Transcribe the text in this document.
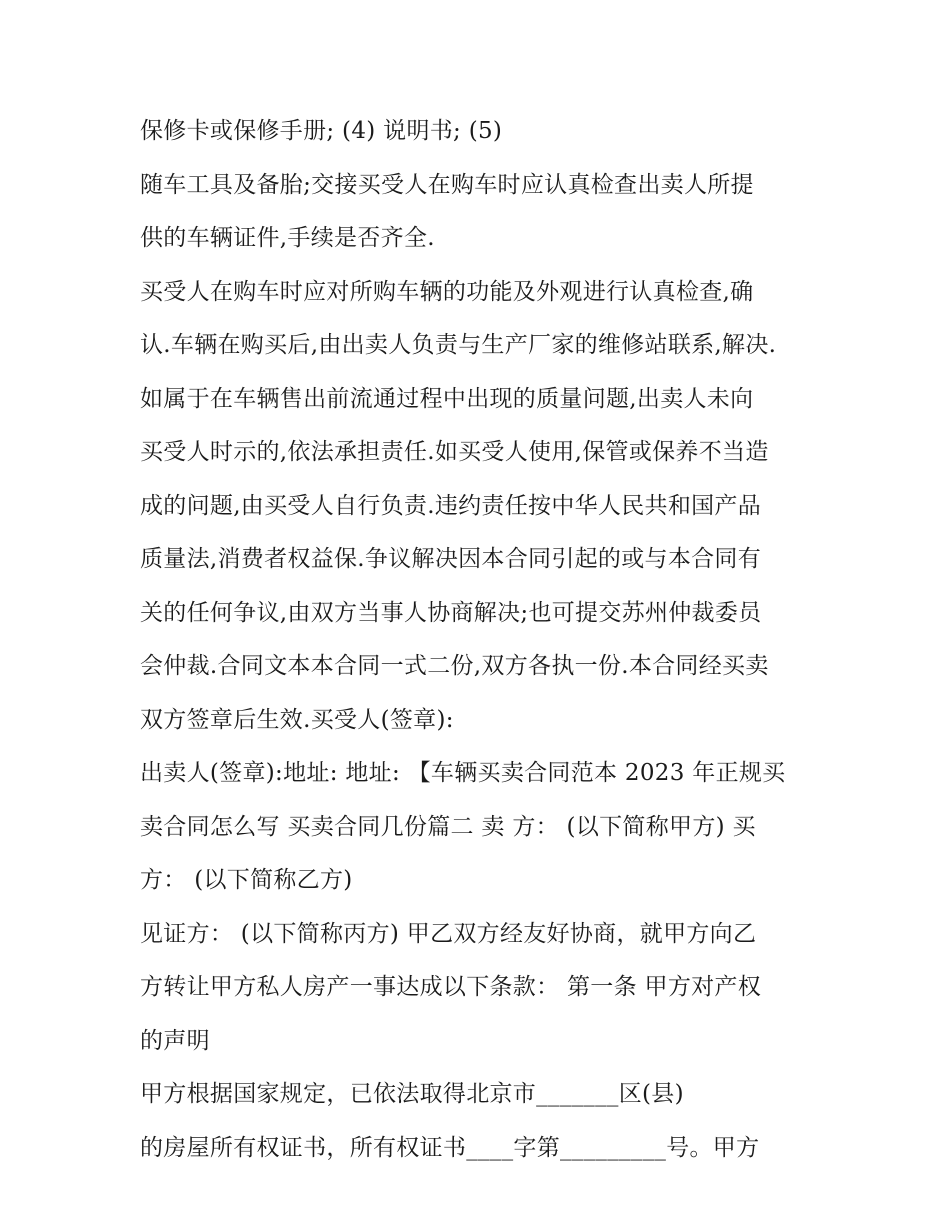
保修卡或保修手册; (4) 说明书; (5)
随车工具及备胎;交接买受人在购车时应认真检查出卖人所提
供的车辆证件,手续是否齐全.
买受人在购车时应对所购车辆的功能及外观进行认真检查,确
认.车辆在购买后,由出卖人负责与生产厂家的维修站联系,解决.
如属于在车辆售出前流通过程中出现的质量问题,出卖人未向
买受人时示的,依法承担责任.如买受人使用,保管或保养不当造
成的问题,由买受人自行负责.违约责任按中华人民共和国产品
质量法,消费者权益保.争议解决因本合同引起的或与本合同有
关的任何争议,由双方当事人协商解决;也可提交苏州仲裁委员
会仲裁.合同文本本合同一式二份,双方各执一份.本合同经买卖
双方签章后生效.买受人(签章):
出卖人(签章):地址: 地址: 【车辆买卖合同范本 2023 年正规买
卖合同怎么写 买卖合同几份篇二 卖 方： (以下简称甲方) 买
方： (以下简称乙方)
见证方： (以下简称丙方) 甲乙双方经友好协商，就甲方向乙
方转让甲方私人房产一事达成以下条款： 第一条 甲方对产权
的声明
甲方根据国家规定，已依法取得北京市_______区(县)
的房屋所有权证书，所有权证书____字第_________号。甲方
